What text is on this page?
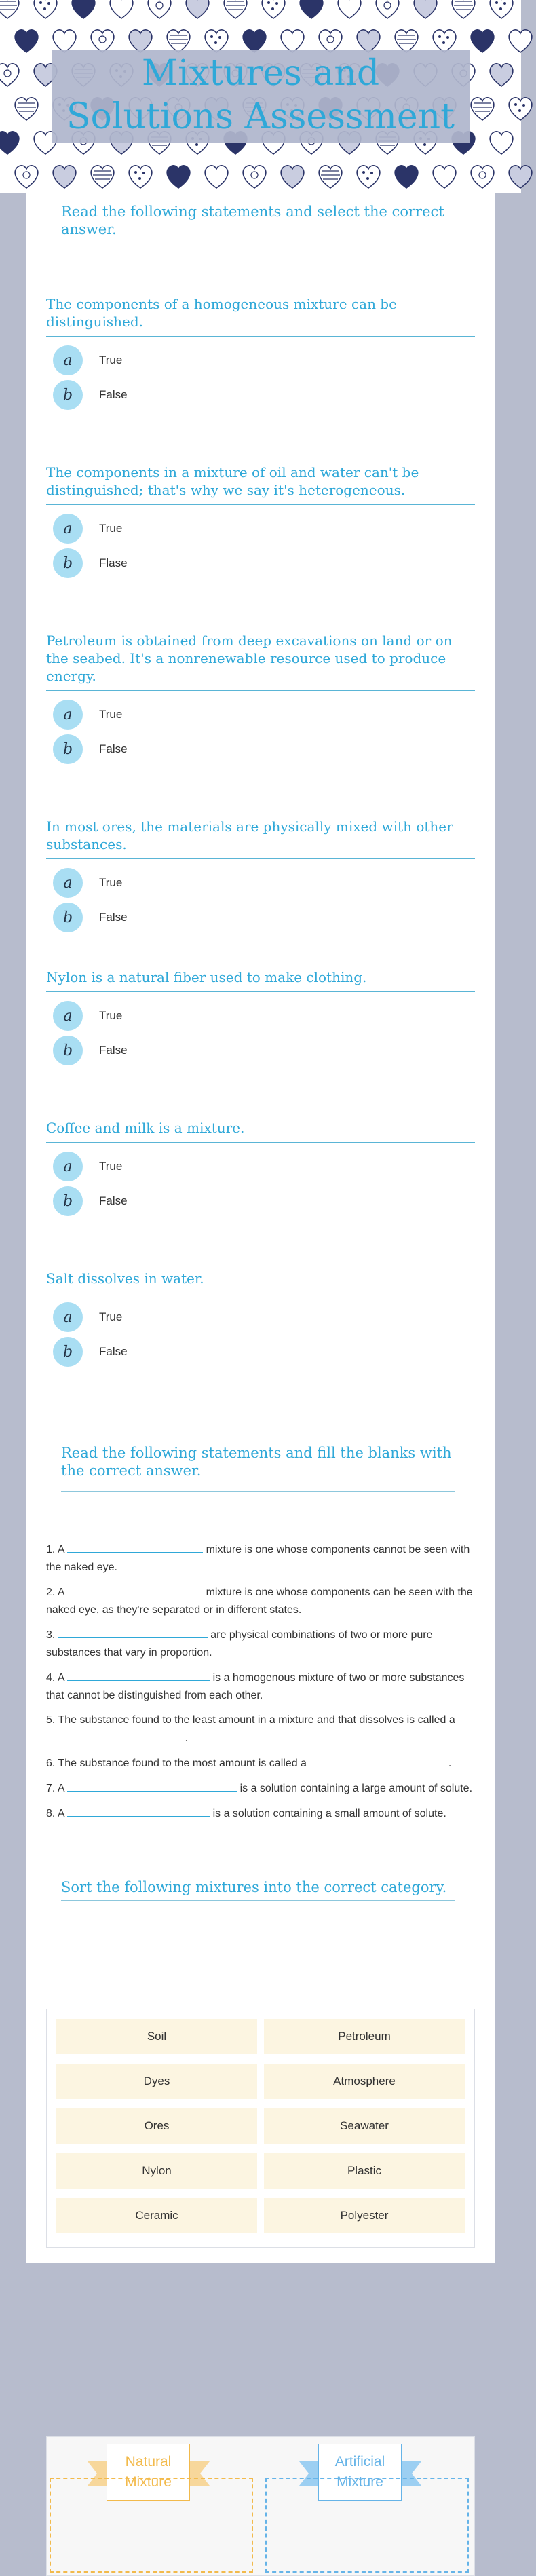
Mixtures and
Solutions Assessment
Read the following statements and select the correct answer.
The components of a homogeneous mixture can be distinguished.
a	True
b	False
The components in a mixture of oil and water can't be distinguished; that's why we say it's heterogeneous.
a	True
b	Flase
Petroleum is obtained from deep excavations on land or on the seabed. It's a nonrenewable resource used to produce energy.
a	True
b	False
In most ores, the materials are physically mixed with other substances.
a	True
b	False
Nylon is a natural fiber used to make clothing.
a	True
b	False
Coffee and milk is a mixture.
a	True
b	False
Salt dissolves in water.
a	True
b	False
Read the following statements and fill the blanks with the correct answer.

1. A	mixture is one whose components cannot be seen with the naked eye.

2. A	mixture is one whose components can be seen with the naked eye, as they're separated or in different states.

3.	are physical combinations of two or more pure substances that vary in proportion.

4. A	is a homogenous mixture of two or more substances that cannot be distinguished from each other.

5. The substance found to the least amount in a mixture and that dissolves is called a  .

6. The substance found to the most amount is called a	.

7. A	is a solution containing a large amount of solute.

8. A	is a solution containing a small amount of solute.

Sort the following mixtures into the correct category.
Soil	Petroleum
Dyes	Atmosphere
Ores	Seawater
Nylon	Plastic
Ceramic	Polyester
Natural
Mixture
Artificial
Mixture
